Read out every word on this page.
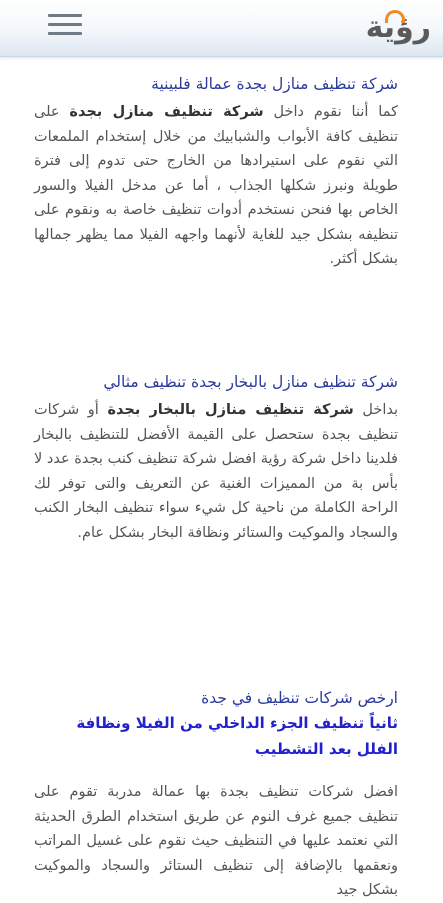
رؤية
شركة تنظيف منازل بجدة عمالة فلبينية

كما أننا نقوم داخل شركة تنظيف منازل بجدة على تنظيف كافة الأبواب والشبابيك من خلال إستخدام الملمعات التي نقوم على استيرادها من الخارج حتى تدوم إلى فترة طويلة ونبرز شكلها الجذاب ، أما عن مدخل الفيلا والسور الخاص بها فنحن نستخدم أدوات تنظيف خاصة به ونقوم على تنظيفه بشكل جيد للغاية لأنهما واجهه الفيلا مما يظهر جمالها بشكل أكثر.

شركة تنظيف منازل بالبخار بجدة تنظيف مثالي

بداخل شركة تنظيف منازل بالبخار بجدة أو شركات تنظيف بجدة ستحصل على القيمة الأفضل للتنظيف بالبخار فلدينا داخل شركة رؤية افضل شركة تنظيف كنب بجدة عدد لا بأس بة من المميزات الغنية عن التعريف والتى توفر لك الراحة الكاملة من ناحية كل شيء سواء تنظيف البخار الكنب والسجاد والموكيت والستائر ونظافة البخار بشكل عام.

ارخص شركات تنظيف في جدة
ثانياً تنظيف الجزء الداخلي من الفيلا ونظافة الفلل بعد التشطيب

افضل شركات تنظيف بجدة بها عمالة مدربة تقوم على تنظيف جميع غرف النوم عن طريق استخدام الطرق الحديثة التي نعتمد عليها في التنظيف حيث نقوم على غسيل المراتب ونعقمها بالإضافة إلى تنظيف الستائر والسجاد والموكيت بشكل جيد
